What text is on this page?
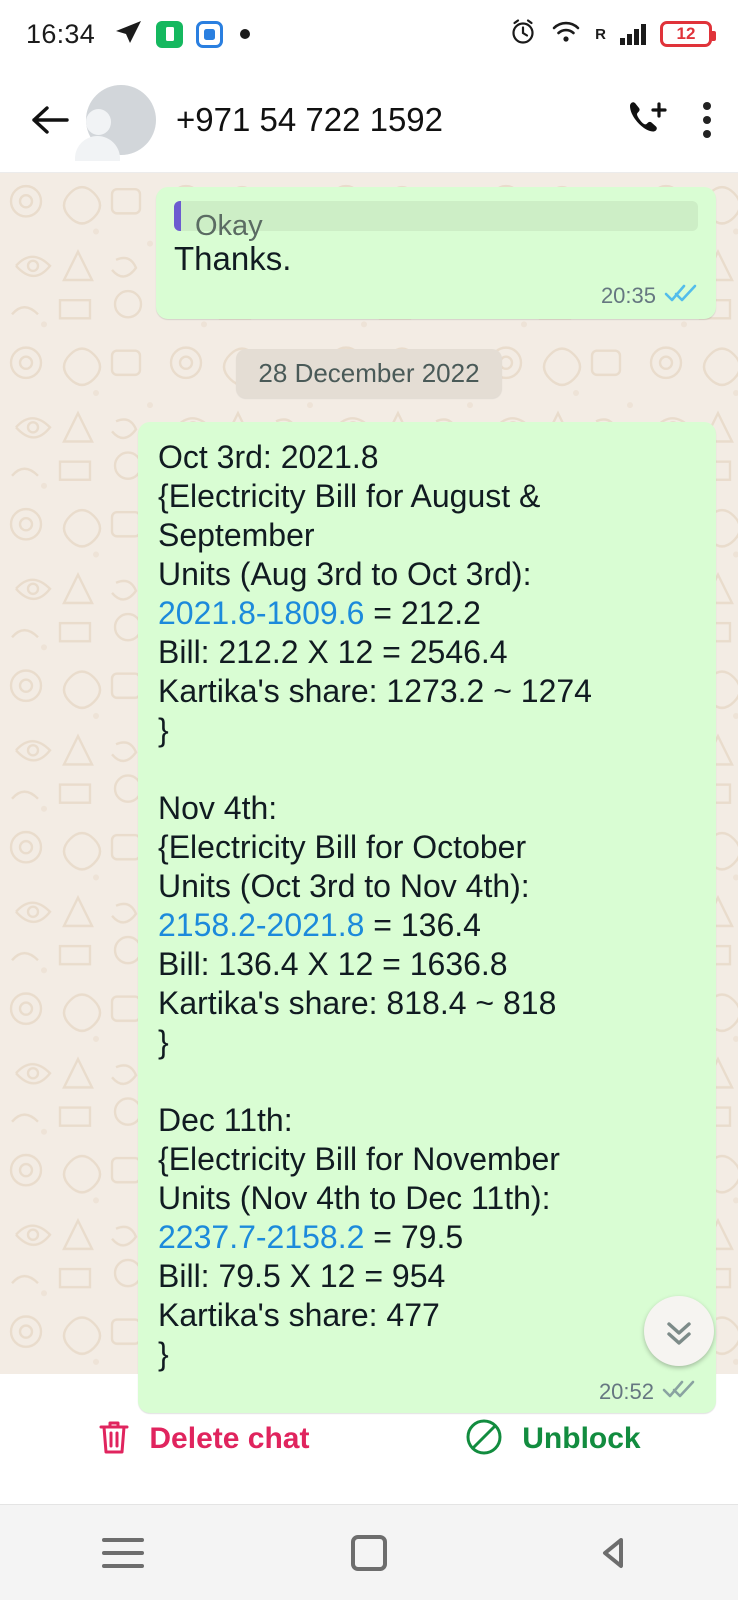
16:34	R	12
+971 54 722 1592
Okay
Thanks.
20:35
28 December 2022
Oct 3rd: 2021.8
{Electricity Bill for August &
September
Units (Aug 3rd to Oct 3rd):
2021.8-1809.6 = 212.2
Bill: 212.2 X 12 = 2546.4
Kartika's share: 1273.2 ~ 1274
}
Nov 4th:
{Electricity Bill for October
Units (Oct 3rd to Nov 4th):
2158.2-2021.8 = 136.4
Bill: 136.4 X 12 = 1636.8
Kartika's share: 818.4 ~ 818
}
Dec 11th:
{Electricity Bill for November
Units (Nov 4th to Dec 11th):
2237.7-2158.2 = 79.5
Bill: 79.5 X 12 = 954
Kartika's share: 477
}
20:52
Delete chat	Unblock
